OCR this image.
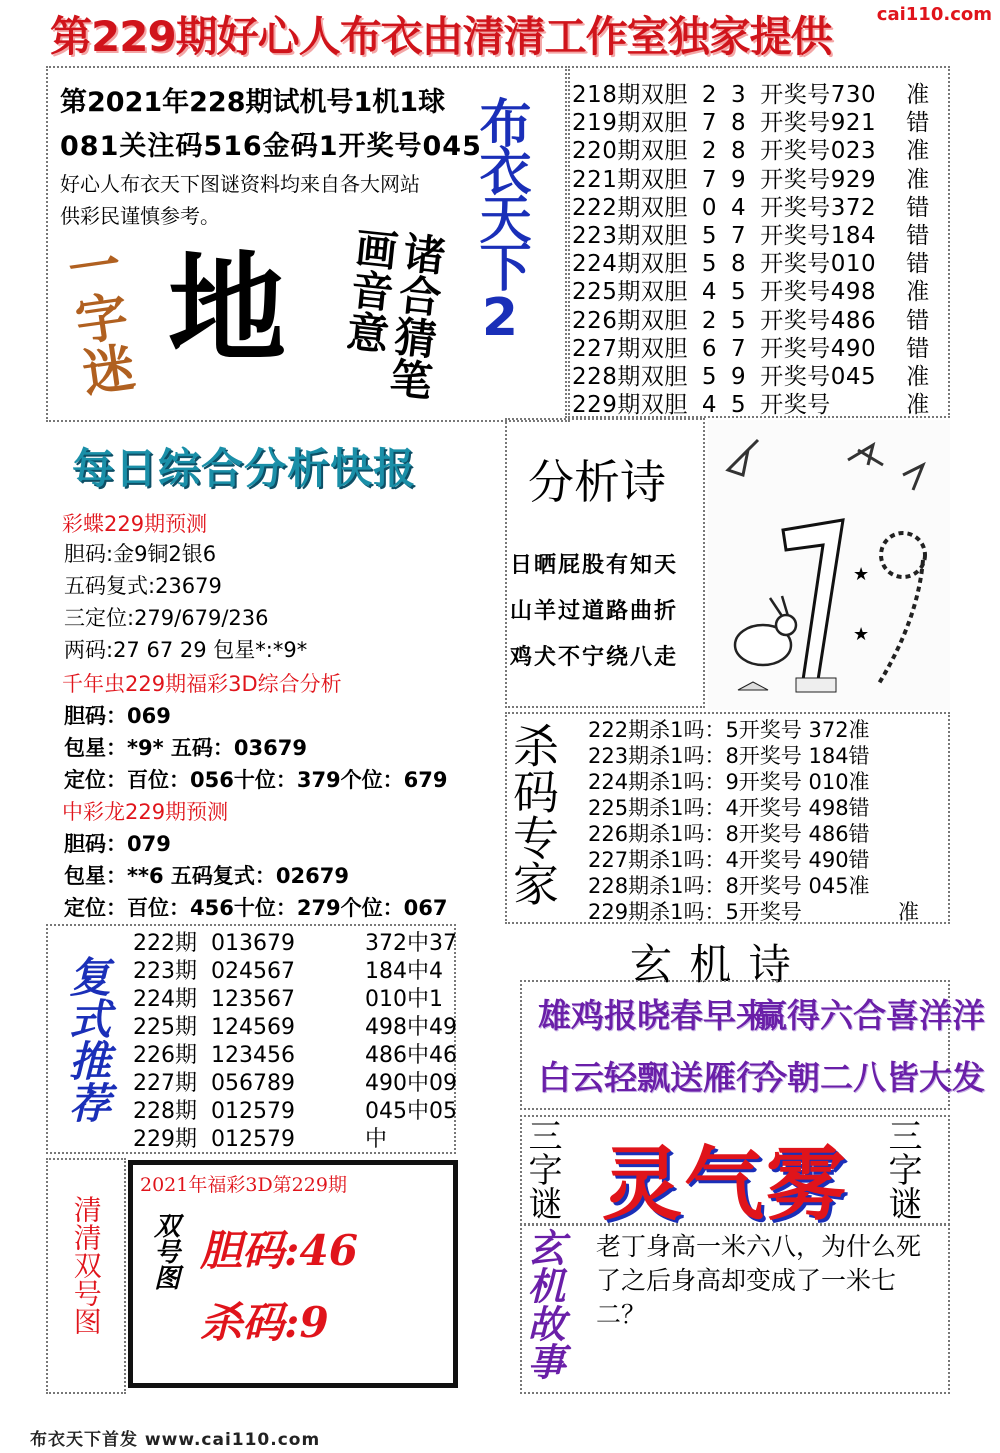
第229期好心人布衣由清清工作室独家提供	cai110.com
第2021年228期试机号1机1球
081关注码516金码1开奖号045
好心人布衣天下图谜资料均来自各大网站
供彩民谨慎参考。	布衣天下2
一字迷 地	诸合猜笔画音意
218期双胆 2 3 开奖号730 准
219期双胆 7 8 开奖号921 错
220期双胆 2 8 开奖号023 准
221期双胆 7 9 开奖号929 准
222期双胆 0 4 开奖号372 错
223期双胆 5 7 开奖号184 错
224期双胆 5 8 开奖号010 错
225期双胆 4 5 开奖号498 准
226期双胆 2 5 开奖号486 错
227期双胆 6 7 开奖号490 错
228期双胆 5 9 开奖号045 准
229期双胆 4 5 开奖号	准
每日综合分析快报 分析诗
日晒屁股有知天
山羊过道路曲折
鸡犬不宁绕八走
★
★
彩蝶229期预测
胆码:金9铜2银6
五码复式:23679
三定位:279/679/236
两码:27 67 29 包星*:*9*
千年虫229期福彩3D综合分析
胆码：069
包星：*9* 五码：03679
定位：百位：056十位：379个位：679
中彩龙229期预测
胆码：079
包星：**6 五码复式：02679
定位：百位：456十位：279个位：067
杀码专家 222期杀1吗：5开奖号 372准
223期杀1吗：8开奖号 184错
224期杀1吗：9开奖号 010准
225期杀1吗：4开奖号 498错
226期杀1吗：8开奖号 486错
227期杀1吗：4开奖号 490错
228期杀1吗：8开奖号 045准
229期杀1吗：5开奖号	准
复式推荐
222期 013679	372中37
223期 024567	184中4
224期 123567	010中1
225期 124569	498中49
226期 123456	486中46
227期 056789	490中09
228期 012579	045中05
229期 012579	中
玄 机 诗
雄鸡报晓春早来
赢得六合喜洋洋
白云轻飘送雁行
今朝二八皆大发
三字谜 灵气雾 三字谜
清清双号图
2021年福彩3D第229期
双号图 胆码:46
杀码:9	玄机故事 老丁身高一米六八，为什么死了之后身高却变成了一米七二？
布衣天下首发 www.cai110.com
